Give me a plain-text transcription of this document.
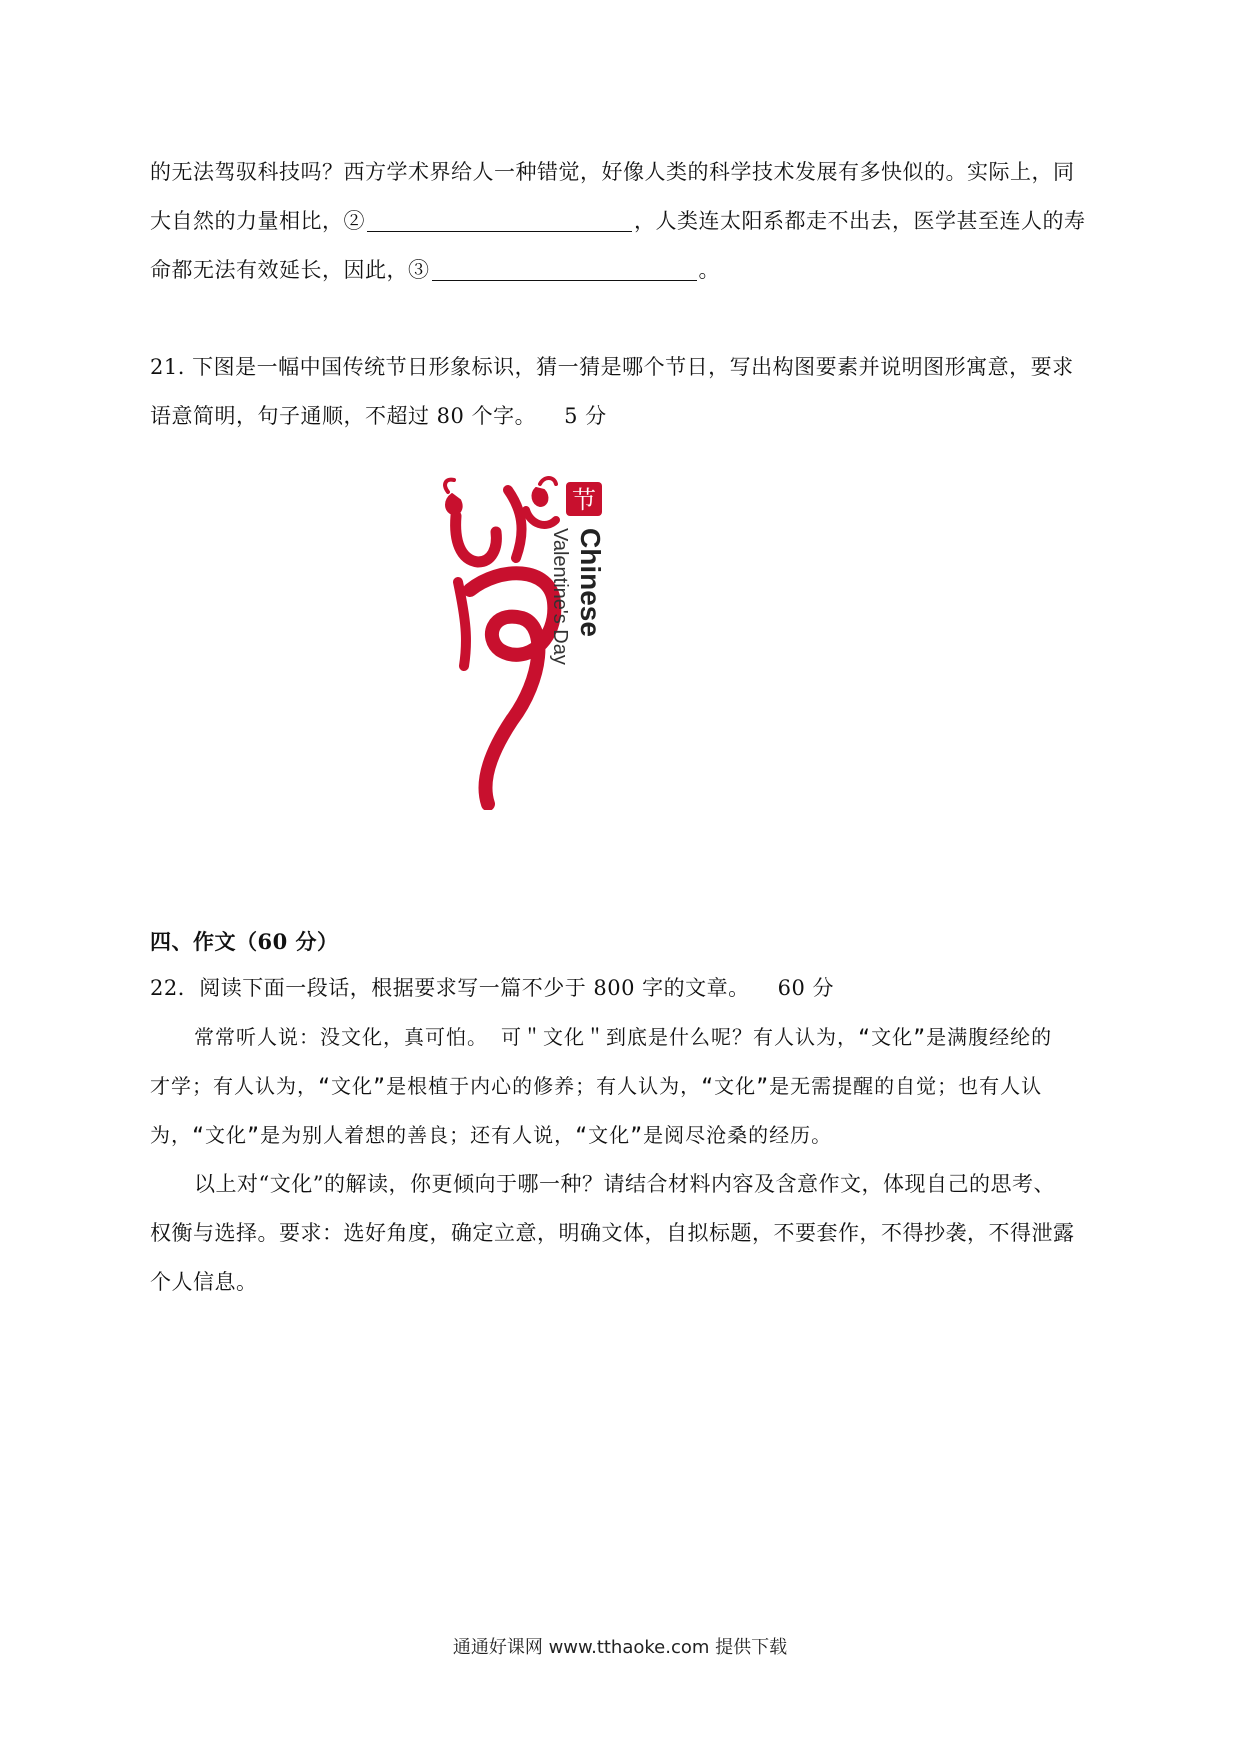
的无法驾驭科技吗？西方学术界给人一种错觉，好像人类的科学技术发展有多快似的。实际上，同
大自然的力量相比，②	，人类连太阳系都走不出去，医学甚至连人的寿
命都无法有效延长，因此，③	。
21. 下图是一幅中国传统节日形象标识，猜一猜是哪个节日，写出构图要素并说明图形寓意，要求
语意简明，句子通顺，不超过 80 个字。 5 分
节
Chinese
Valentine's Day
四、作文（60 分）
22．阅读下面一段话，根据要求写一篇不少于 800 字的文章。 60 分
常常听人说：没文化，真可怕。 可＂文化＂到底是什么呢？有人认为，“文化”是满腹经纶的
才学；有人认为，“文化”是根植于内心的修养；有人认为，“文化”是无需提醒的自觉；也有人认
为，“文化”是为别人着想的善良；还有人说，“文化”是阅尽沧桑的经历。
以上对“文化”的解读，你更倾向于哪一种？请结合材料内容及含意作文，体现自己的思考、
权衡与选择。要求：选好角度，确定立意，明确文体，自拟标题，不要套作，不得抄袭，不得泄露
个人信息。
通通好课网 www.tthaoke.com 提供下载
